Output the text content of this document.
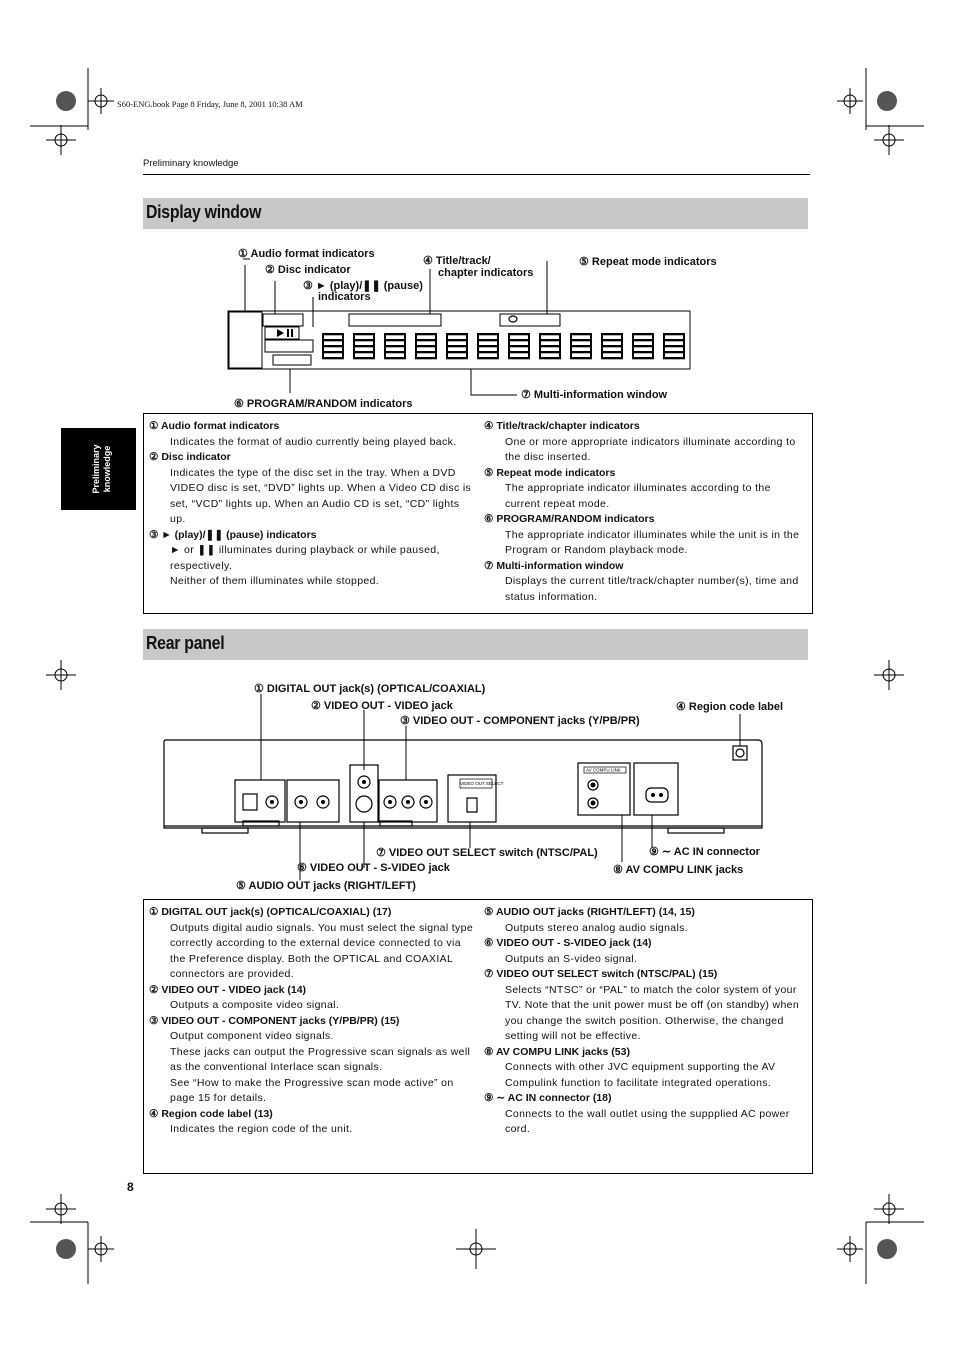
S60-ENG.book Page 8 Friday, June 8, 2001 10:38 AM
Preliminary knowledge
Preliminary knowledge
Display window
① Audio format indicators
② Disc indicator
③ ► (play)/❚❚ (pause)
indicators
④ Title/track/
chapter indicators
⑤ Repeat mode indicators
⑥ PROGRAM/RANDOM indicators
⑦ Multi-information window
① Audio format indicators
Indicates the format of audio currently being played back.
② Disc indicator
Indicates the type of the disc set in the tray. When a DVD VIDEO disc is set, “DVD” lights up. When a Video CD disc is set, “VCD” lights up. When an Audio CD is set, “CD” lights up.
③ ► (play)/❚❚ (pause) indicators
► or ❚❚ illuminates during playback or while paused, respectively.
Neither of them illuminates while stopped.
④ Title/track/chapter indicators
One or more appropriate indicators illuminate according to the disc inserted.
⑤ Repeat mode indicators
The appropriate indicator illuminates according to the current repeat mode.
⑥ PROGRAM/RANDOM indicators
The appropriate indicator illuminates while the unit is in the Program or Random playback mode.
⑦ Multi-information window
Displays the current title/track/chapter number(s), time and status information.
Rear panel
VIDEO OUT SELECT
AV COMPU LINK
① DIGITAL OUT jack(s) (OPTICAL/COAXIAL)
② VIDEO OUT - VIDEO jack
③ VIDEO OUT - COMPONENT jacks (Y/PB/PR)
④ Region code label
⑦ VIDEO OUT SELECT switch (NTSC/PAL)
⑥ VIDEO OUT - S-VIDEO jack
⑤ AUDIO OUT jacks (RIGHT/LEFT)
⑨ ∼ AC IN connector
⑧ AV COMPU LINK jacks
① DIGITAL OUT jack(s) (OPTICAL/COAXIAL) (17)
Outputs digital audio signals. You must select the signal type correctly according to the external device connected to via the Preference display. Both the OPTICAL and COAXIAL connectors are provided.
② VIDEO OUT - VIDEO jack (14)
Outputs a composite video signal.
③ VIDEO OUT - COMPONENT jacks (Y/PB/PR) (15)
Output component video signals.
These jacks can output the Progressive scan signals as well as the conventional Interlace scan signals.
See “How to make the Progressive scan mode active” on page 15 for details.
④ Region code label (13)
Indicates the region code of the unit.
⑤ AUDIO OUT jacks (RIGHT/LEFT) (14, 15)
Outputs stereo analog audio signals.
⑥ VIDEO OUT - S-VIDEO jack (14)
Outputs an S-video signal.
⑦ VIDEO OUT SELECT switch (NTSC/PAL) (15)
Selects “NTSC” or “PAL” to match the color system of your TV. Note that the unit power must be off (on standby) when you change the switch position. Otherwise, the changed setting will not be effective.
⑧ AV COMPU LINK jacks (53)
Connects with other JVC equipment supporting the AV Compulink function to facilitate integrated operations.
⑨ ∼ AC IN connector (18)
Connects to the wall outlet using the suppplied AC power cord.
8
